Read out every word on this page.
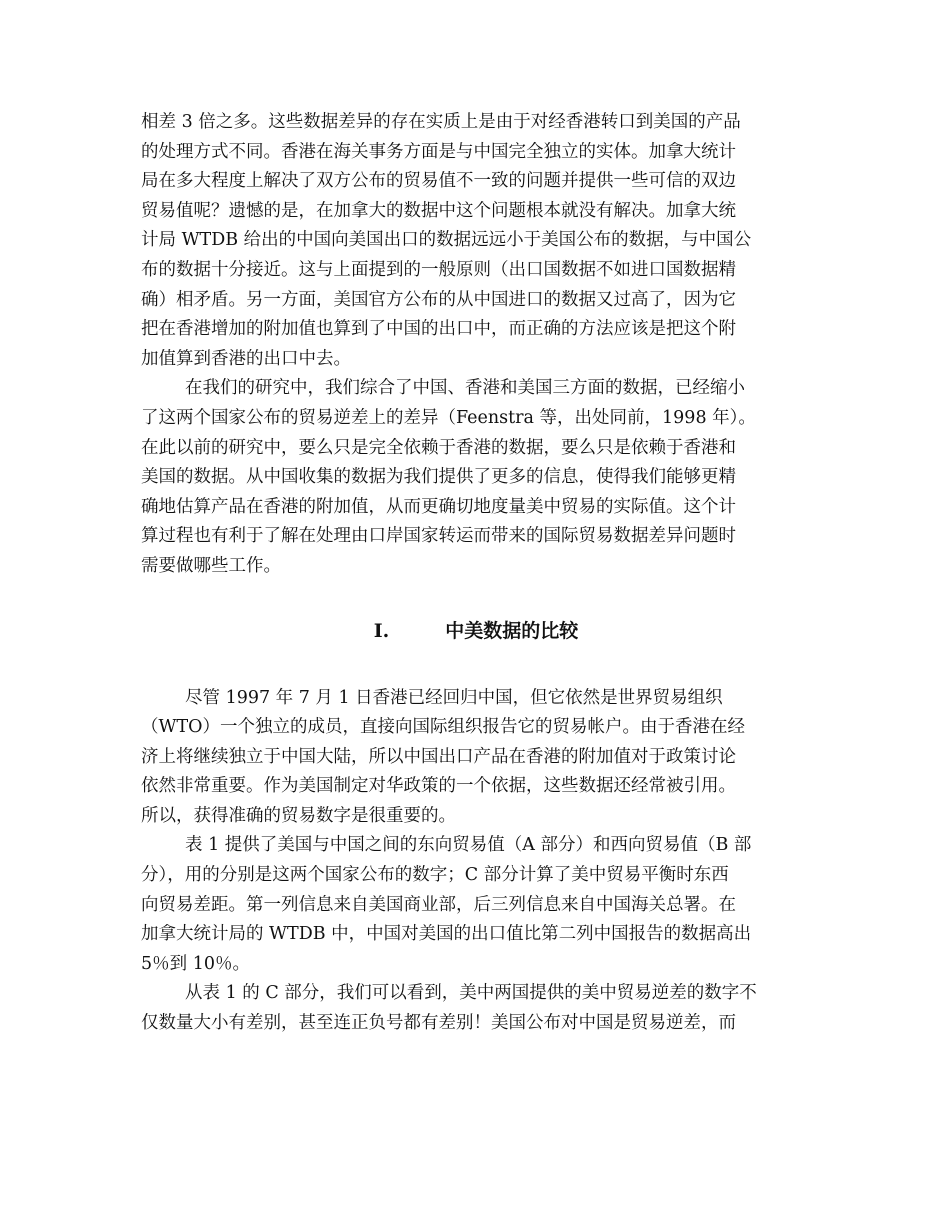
相差 3 倍之多。这些数据差异的存在实质上是由于对经香港转口到美国的产品
的处理方式不同。香港在海关事务方面是与中国完全独立的实体。加拿大统计
局在多大程度上解决了双方公布的贸易值不一致的问题并提供一些可信的双边
贸易值呢？遗憾的是，在加拿大的数据中这个问题根本就没有解决。加拿大统
计局 WTDB 给出的中国向美国出口的数据远远小于美国公布的数据，与中国公
布的数据十分接近。这与上面提到的一般原则（出口国数据不如进口国数据精
确）相矛盾。另一方面，美国官方公布的从中国进口的数据又过高了，因为它
把在香港增加的附加值也算到了中国的出口中，而正确的方法应该是把这个附
加值算到香港的出口中去。
在我们的研究中，我们综合了中国、香港和美国三方面的数据，已经缩小
了这两个国家公布的贸易逆差上的差异（Feenstra 等，出处同前，1998 年）。
在此以前的研究中，要么只是完全依赖于香港的数据，要么只是依赖于香港和
美国的数据。从中国收集的数据为我们提供了更多的信息，使得我们能够更精
确地估算产品在香港的附加值，从而更确切地度量美中贸易的实际值。这个计
算过程也有利于了解在处理由口岸国家转运而带来的国际贸易数据差异问题时
需要做哪些工作。
I.	中美数据的比较
尽管 1997 年 7 月 1 日香港已经回归中国，但它依然是世界贸易组织
（WTO）一个独立的成员，直接向国际组织报告它的贸易帐户。由于香港在经
济上将继续独立于中国大陆，所以中国出口产品在香港的附加值对于政策讨论
依然非常重要。作为美国制定对华政策的一个依据，这些数据还经常被引用。
所以，获得准确的贸易数字是很重要的。
表 1 提供了美国与中国之间的东向贸易值（A 部分）和西向贸易值（B 部
分），用的分别是这两个国家公布的数字；C 部分计算了美中贸易平衡时东西
向贸易差距。第一列信息来自美国商业部，后三列信息来自中国海关总署。在
加拿大统计局的 WTDB 中，中国对美国的出口值比第二列中国报告的数据高出
5％到 10％。
从表 1 的 C 部分，我们可以看到，美中两国提供的美中贸易逆差的数字不
仅数量大小有差别，甚至连正负号都有差别！美国公布对中国是贸易逆差，而
